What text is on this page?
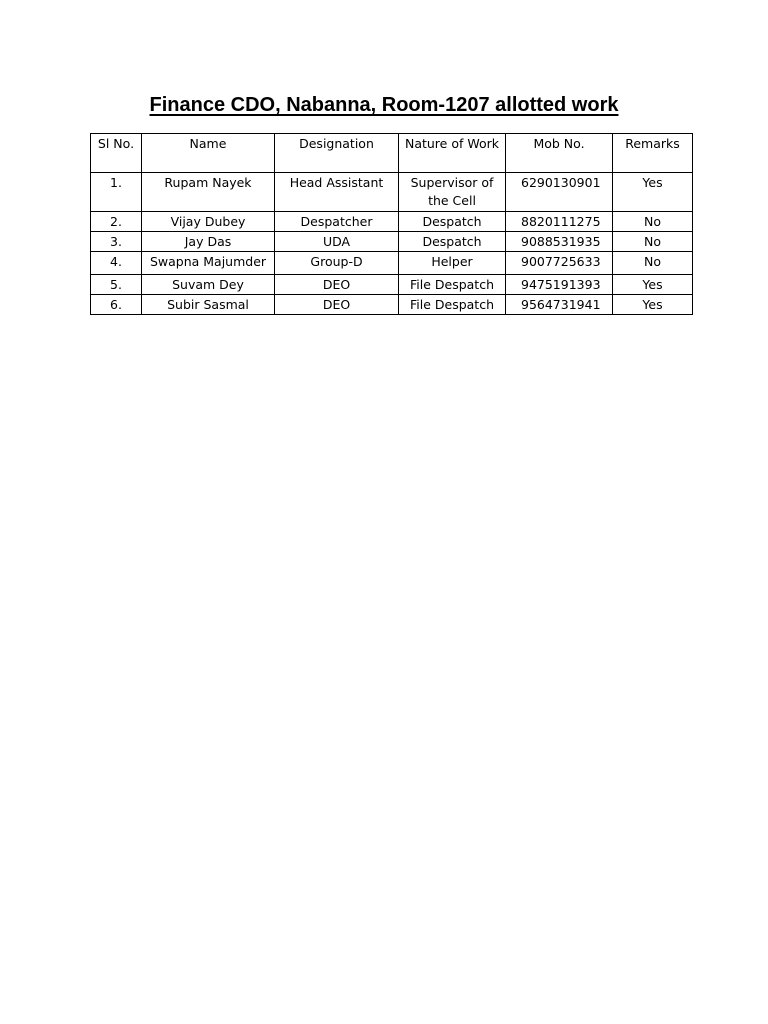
Finance CDO, Nabanna, Room-1207 allotted work
Sl No.	Name	Designation	Nature of Work	Mob No.	Remarks
1.	Rupam Nayek	Head Assistant	Supervisor of the Cell	6290130901	Yes
2.	Vijay Dubey	Despatcher	Despatch	8820111275	No
3.	Jay Das	UDA	Despatch	9088531935	No
4.	Swapna Majumder	Group-D	Helper	9007725633	No
5.	Suvam Dey	DEO	File Despatch	9475191393	Yes
6.	Subir Sasmal	DEO	File Despatch	9564731941	Yes
